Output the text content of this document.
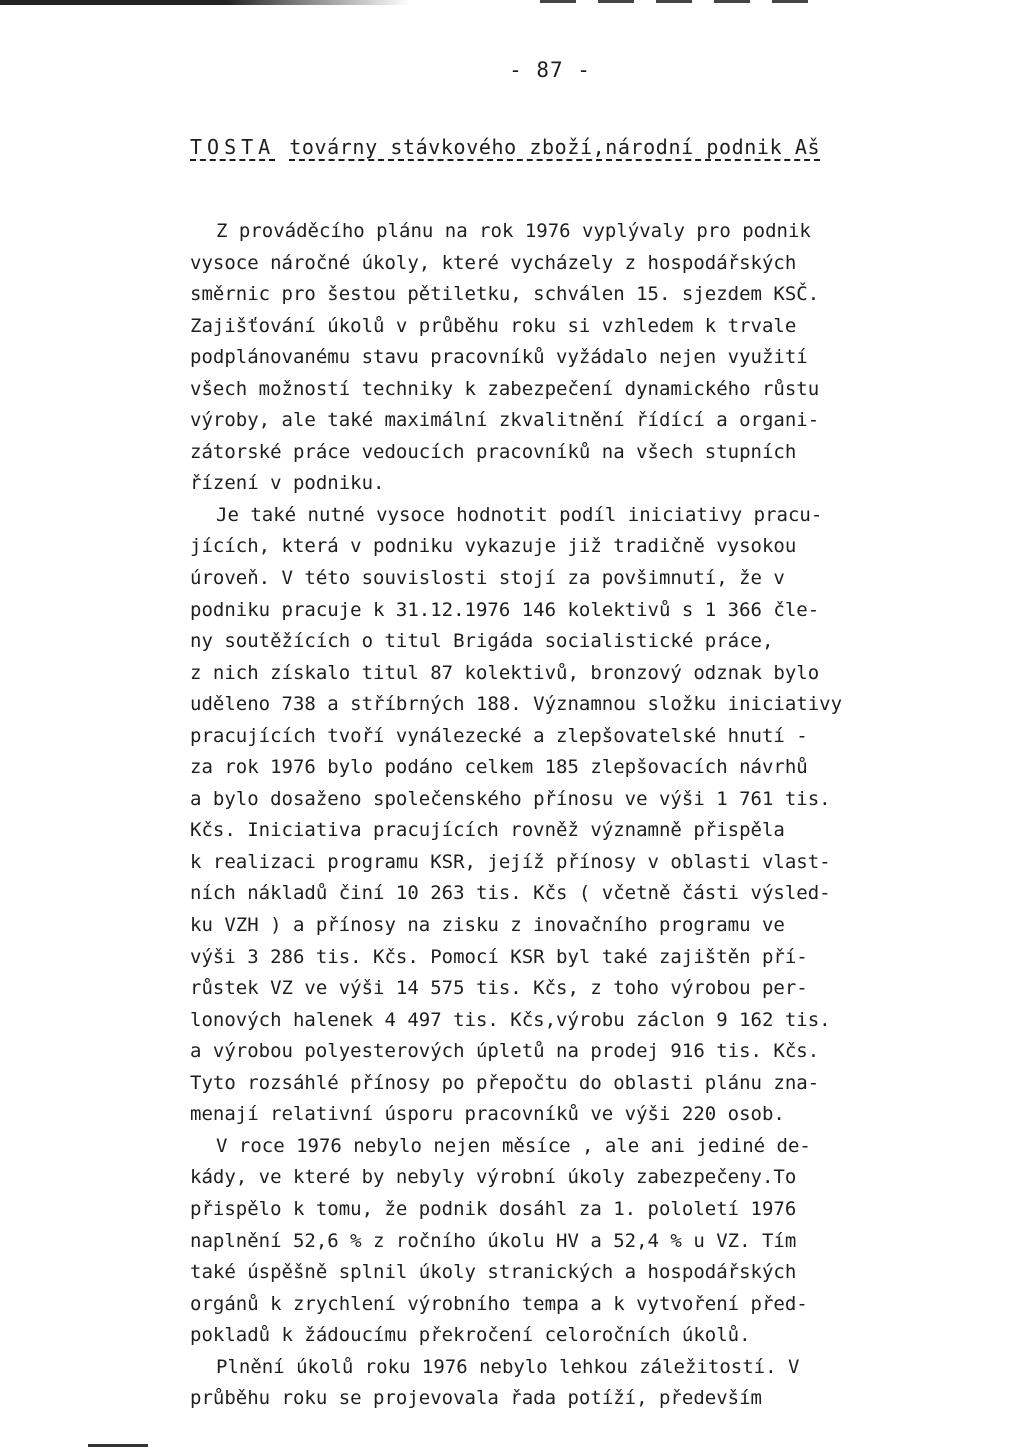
- 87 -
TOSTA továrny stávkového zboží,národní podnik Aš
Z prováděcího plánu na rok 1976 vyplývaly pro podnik
vysoce náročné úkoly, které vycházely z hospodářských
směrnic pro šestou pětiletku, schválen 15. sjezdem KSČ.
Zajišťování úkolů v průběhu roku si vzhledem k trvale
podplánovanému stavu pracovníků vyžádalo nejen využití
všech možností techniky k zabezpečení dynamického růstu
výroby, ale také maximální zkvalitnění řídící a organi-
zátorské práce vedoucích pracovníků na všech stupních
řízení v podniku.
Je také nutné vysoce hodnotit podíl iniciativy pracu-
jících, která v podniku vykazuje již tradičně vysokou
úroveň. V této souvislosti stojí za povšimnutí, že v
podniku pracuje k 31.12.1976 146 kolektivů s 1 366 čle-
ny soutěžících o titul Brigáda socialistické práce,
z nich získalo titul 87 kolektivů, bronzový odznak bylo
uděleno 738 a stříbrných 188. Významnou složku iniciativy
pracujících tvoří vynálezecké a zlepšovatelské hnutí -
za rok 1976 bylo podáno celkem 185 zlepšovacích návrhů
a bylo dosaženo společenského přínosu ve výši 1 761 tis.
Kčs. Iniciativa pracujících rovněž významně přispěla
k realizaci programu KSR, jejíž přínosy v oblasti vlast-
ních nákladů činí 10 263 tis. Kčs ( včetně části výsled-
ku VZH ) a přínosy na zisku z inovačního programu ve
výši 3 286 tis. Kčs. Pomocí KSR byl také zajištěn pří-
růstek VZ ve výši 14 575 tis. Kčs, z toho výrobou per-
lonových halenek 4 497 tis. Kčs,výrobu záclon 9 162 tis.
a výrobou polyesterových úpletů na prodej 916 tis. Kčs.
Tyto rozsáhlé přínosy po přepočtu do oblasti plánu zna-
menají relativní úsporu pracovníků ve výši 220 osob.
V roce 1976 nebylo nejen měsíce , ale ani jediné de-
kády, ve které by nebyly výrobní úkoly zabezpečeny.To
přispělo k tomu, že podnik dosáhl za 1. pololetí 1976
naplnění 52,6 % z ročního úkolu HV a 52,4 % u VZ. Tím
také úspěšně splnil úkoly stranických a hospodářských
orgánů k zrychlení výrobního tempa a k vytvoření před-
pokladů k žádoucímu překročení celoročních úkolů.
Plnění úkolů roku 1976 nebylo lehkou záležitostí. V
průběhu roku se projevovala řada potíží, především
